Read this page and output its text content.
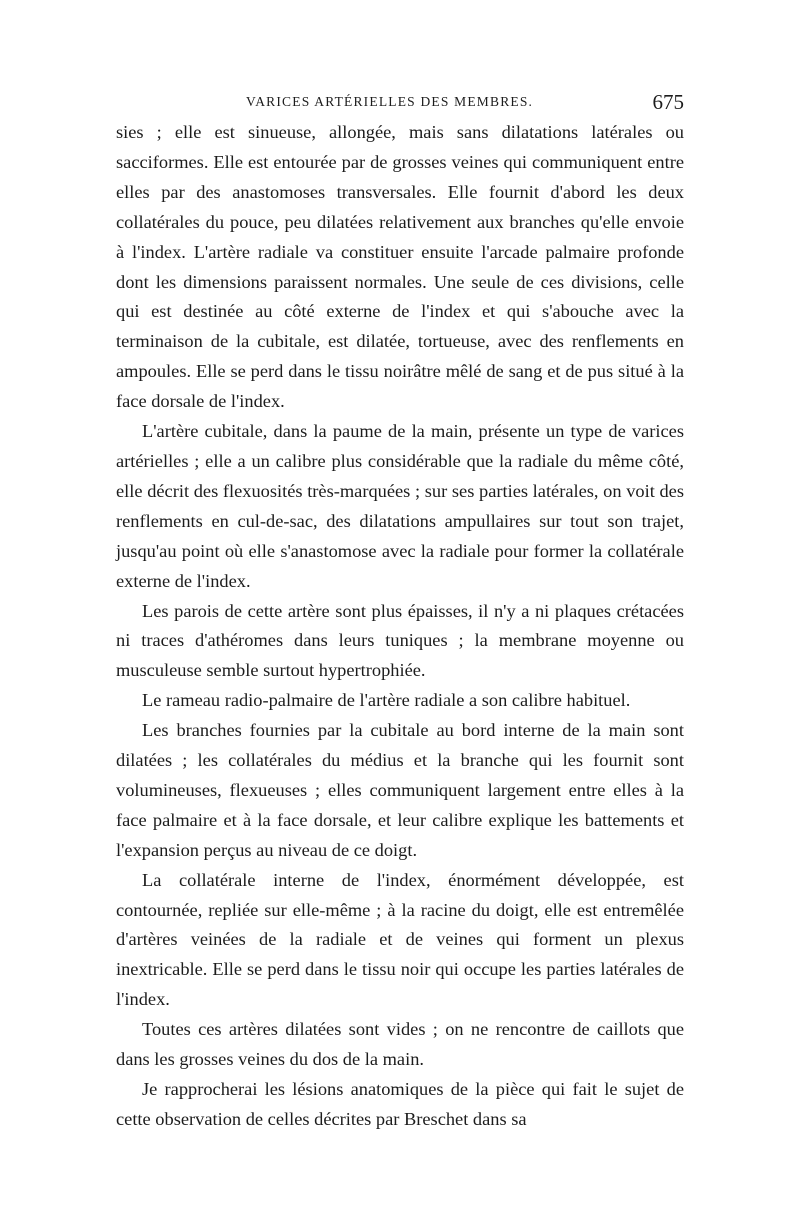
VARICES ARTÉRIELLES DES MEMBRES.	675

sies ; elle est sinueuse, allongée, mais sans dilatations latérales ou sacciformes. Elle est entourée par de grosses veines qui communiquent entre elles par des anastomoses transversales. Elle fournit d'abord les deux collatérales du pouce, peu dilatées relativement aux branches qu'elle envoie à l'index. L'artère radiale va constituer ensuite l'arcade palmaire profonde dont les dimensions paraissent normales. Une seule de ces divisions, celle qui est destinée au côté externe de l'index et qui s'abouche avec la terminaison de la cubitale, est dilatée, tortueuse, avec des renflements en ampoules. Elle se perd dans le tissu noirâtre mêlé de sang et de pus situé à la face dorsale de l'index.

L'artère cubitale, dans la paume de la main, présente un type de varices artérielles ; elle a un calibre plus considérable que la radiale du même côté, elle décrit des flexuosités très-marquées ; sur ses parties latérales, on voit des renflements en cul-de-sac, des dilatations ampullaires sur tout son trajet, jusqu'au point où elle s'anastomose avec la radiale pour former la collatérale externe de l'index.

Les parois de cette artère sont plus épaisses, il n'y a ni plaques crétacées ni traces d'athéromes dans leurs tuniques ; la membrane moyenne ou musculeuse semble surtout hypertrophiée.

Le rameau radio-palmaire de l'artère radiale a son calibre habituel.

Les branches fournies par la cubitale au bord interne de la main sont dilatées ; les collatérales du médius et la branche qui les fournit sont volumineuses, flexueuses ; elles communiquent largement entre elles à la face palmaire et à la face dorsale, et leur calibre explique les battements et l'expansion perçus au niveau de ce doigt.

La collatérale interne de l'index, énormément développée, est contournée, repliée sur elle-même ; à la racine du doigt, elle est entremêlée d'artères veinées de la radiale et de veines qui forment un plexus inextricable. Elle se perd dans le tissu noir qui occupe les parties latérales de l'index.

Toutes ces artères dilatées sont vides ; on ne rencontre de caillots que dans les grosses veines du dos de la main.

Je rapprocherai les lésions anatomiques de la pièce qui fait le sujet de cette observation de celles décrites par Breschet dans sa
